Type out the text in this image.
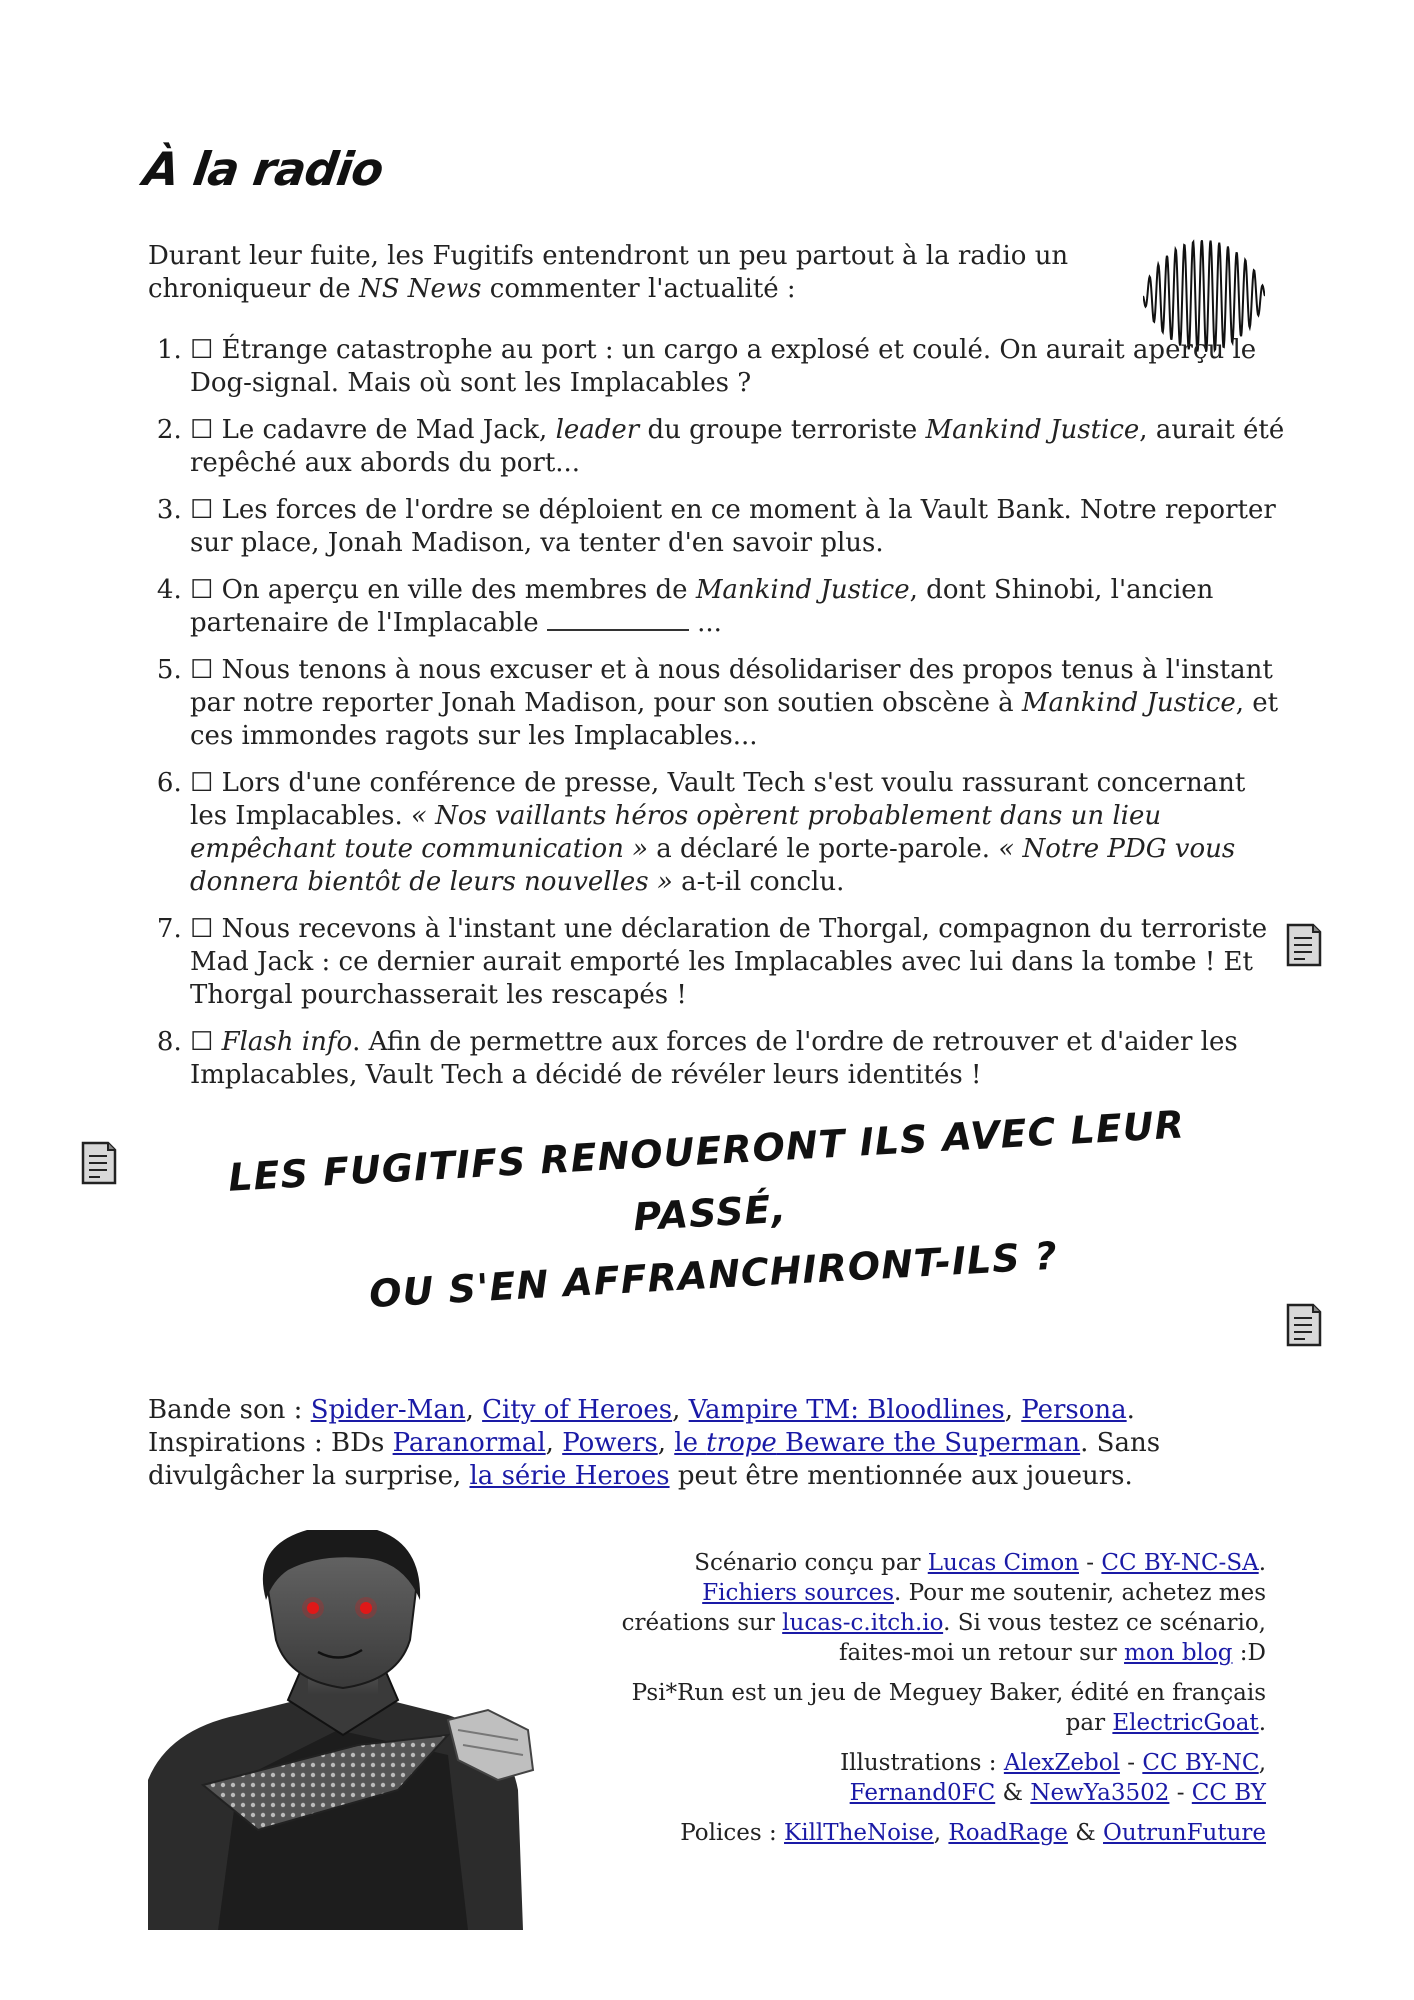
À la radio

Durant leur fuite, les Fugitifs entendront un peu partout à la radio un chroniqueur de NS News commenter l'actualité :

1. ☐ Étrange catastrophe au port : un cargo a explosé et coulé. On aurait aperçu le Dog-signal. Mais où sont les Implacables ?
2. ☐ Le cadavre de Mad Jack, leader du groupe terroriste Mankind Justice, aurait été repêché aux abords du port...
3. ☐ Les forces de l'ordre se déploient en ce moment à la Vault Bank. Notre reporter sur place, Jonah Madison, va tenter d'en savoir plus.
4. ☐ On aperçu en ville des membres de Mankind Justice, dont Shinobi, l'ancien partenaire de l'Implacable	...
5. ☐ Nous tenons à nous excuser et à nous désolidariser des propos tenus à l'instant par notre reporter Jonah Madison, pour son soutien obscène à Mankind Justice, et ces immondes ragots sur les Implacables...
6. ☐ Lors d'une conférence de presse, Vault Tech s'est voulu rassurant concernant les Implacables. « Nos vaillants héros opèrent probablement dans un lieu empêchant toute communication » a déclaré le porte-parole. « Notre PDG vous donnera bientôt de leurs nouvelles » a-t-il conclu.
7. ☐ Nous recevons à l'instant une déclaration de Thorgal, compagnon du terroriste Mad Jack : ce dernier aurait emporté les Implacables avec lui dans la tombe ! Et Thorgal pourchasserait les rescapés !
8. ☐ Flash info. Afin de permettre aux forces de l'ordre de retrouver et d'aider les Implacables, Vault Tech a décidé de révéler leurs identités !
LES FUGITIFS RENOUERONT ILS AVEC LEUR PASSÉ,
OU S'EN AFFRANCHIRONT-ILS ?

Bande son : Spider-Man, City of Heroes, Vampire TM: Bloodlines, Persona.
Inspirations : BDs Paranormal, Powers, le trope Beware the Superman. Sans divulgâcher la surprise, la série Heroes peut être mentionnée aux joueurs.

Scénario conçu par Lucas Cimon - CC BY-NC-SA.
Fichiers sources. Pour me soutenir, achetez mes créations sur lucas-c.itch.io. Si vous testez ce scénario, faites-moi un retour sur mon blog :D

Psi*Run est un jeu de Meguey Baker, édité en français par ElectricGoat.

Illustrations : AlexZebol - CC BY-NC,
Fernand0FC & NewYa3502 - CC BY

Polices : KillTheNoise, RoadRage & OutrunFuture
